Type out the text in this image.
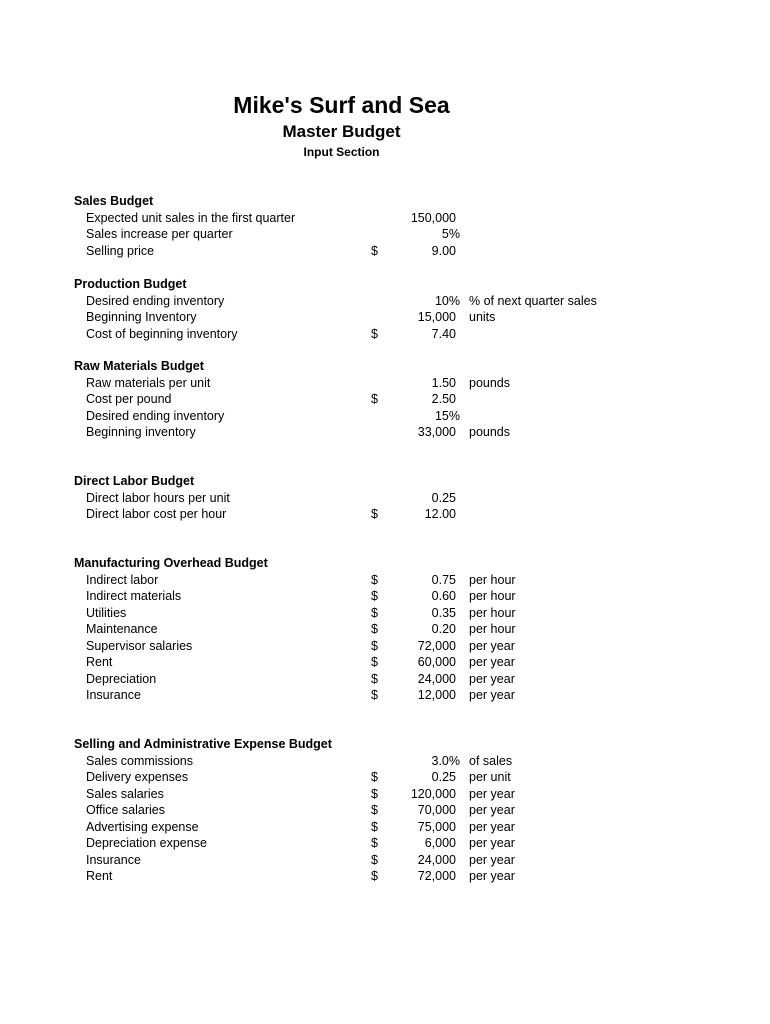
Mike's Surf and Sea
Master Budget
Input Section
Sales Budget
Expected unit sales in the first quarter	150,000
Sales increase per quarter	5%
Selling price	$	9.00
Production Budget
Desired ending inventory	10% % of next quarter sales
Beginning Inventory	15,000 units
Cost of beginning inventory	$	7.40
Raw Materials Budget
Raw materials per unit	1.50 pounds
Cost per pound	$	2.50
Desired ending inventory	15%
Beginning inventory	33,000 pounds
Direct Labor Budget
Direct labor hours per unit	0.25
Direct labor cost per hour	$	12.00
Manufacturing Overhead Budget
Indirect labor	$	0.75 per hour
Indirect materials	$	0.60 per hour
Utilities	$	0.35 per hour
Maintenance	$	0.20 per hour
Supervisor salaries	$	72,000 per year
Rent	$	60,000 per year
Depreciation	$	24,000 per year
Insurance	$	12,000 per year
Selling and Administrative Expense Budget
Sales commissions	3.0% of sales
Delivery expenses	$	0.25 per unit
Sales salaries	$	120,000 per year
Office salaries	$	70,000 per year
Advertising expense	$	75,000 per year
Depreciation expense	$	6,000 per year
Insurance	$	24,000 per year
Rent	$	72,000 per year
